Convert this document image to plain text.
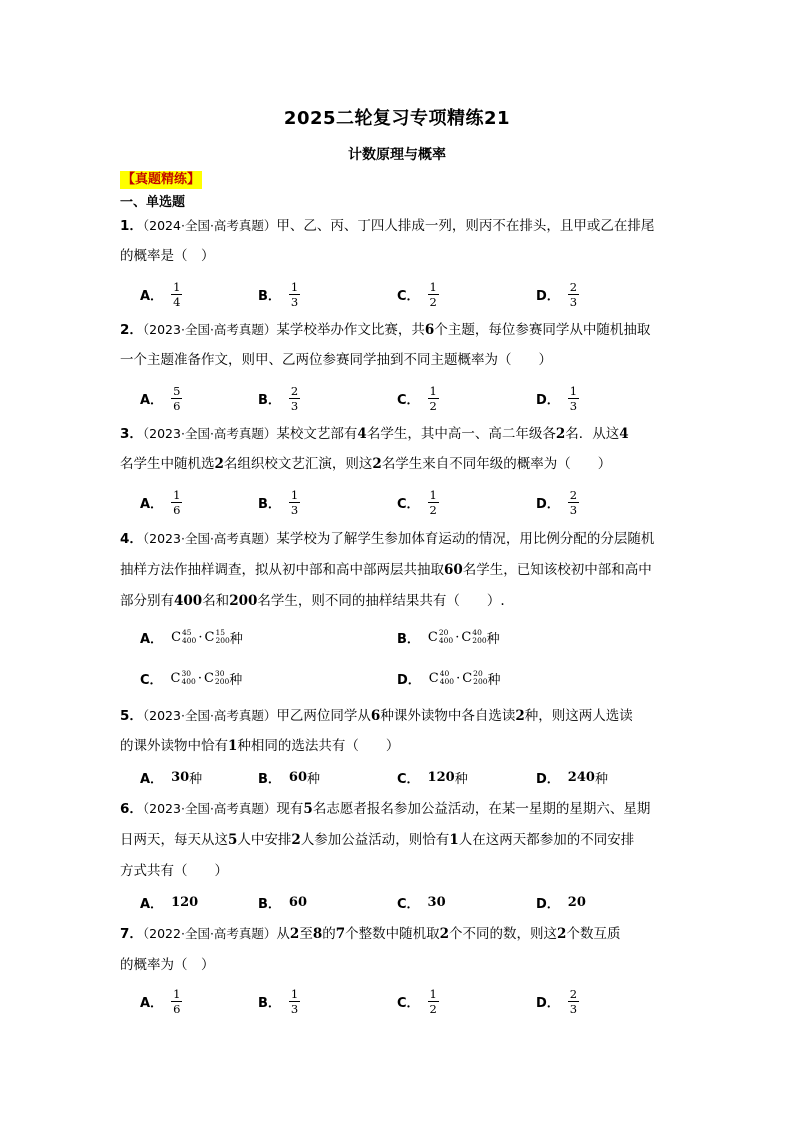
2025二轮复习专项精练21
计数原理与概率
【真题精练】
一、单选题
1．（2024·全国·高考真题）甲、乙、丙、丁四人排成一列，则丙不在排头，且甲或乙在排尾
的概率是（　）
A． $\frac{1}{4}$	B． $\frac{1}{3}$	C． $\frac{1}{2}$	D． $\frac{2}{3}$
2．（2023·全国·高考真题）某学校举办作文比赛，共6个主题，每位参赛同学从中随机抽取
一个主题准备作文，则甲、乙两位参赛同学抽到不同主题概率为（　　）
A． $\frac{5}{6}$	B． $\frac{2}{3}$	C． $\frac{1}{2}$	D． $\frac{1}{3}$
3．（2023·全国·高考真题）某校文艺部有4名学生，其中高一、高二年级各2名．从这4
名学生中随机选2名组织校文艺汇演，则这2名学生来自不同年级的概率为（　　）
A． $\frac{1}{6}$	B． $\frac{1}{3}$	C． $\frac{1}{2}$	D． $\frac{2}{3}$
4．（2023·全国·高考真题）某学校为了解学生参加体育运动的情况，用比例分配的分层随机
抽样方法作抽样调查，拟从初中部和高中部两层共抽取60名学生，已知该校初中部和高中
部分别有400名和200名学生，则不同的抽样结果共有（　　）.
A． C 45
400 · C 15
200 种	B． C 20
400 · C 40
200 种
C． C 30
400 · C 30
200 种	D． C 40
400 · C 20
200 种
5．（2023·全国·高考真题）甲乙两位同学从6种课外读物中各自选读2种，则这两人选读
的课外读物中恰有1种相同的选法共有（　　）
A． 30 种	B． 60 种	C． 120 种	D． 240 种
6．（2023·全国·高考真题）现有5名志愿者报名参加公益活动，在某一星期的星期六、星期
日两天，每天从这5人中安排2人参加公益活动，则恰有1人在这两天都参加的不同安排
方式共有（　　）
A． 120	B． 60	C． 30	D． 20
7．（2022·全国·高考真题）从2至8的7个整数中随机取2个不同的数，则这2个数互质
的概率为（　）
A． $\frac{1}{6}$	B． $\frac{1}{3}$	C． $\frac{1}{2}$	D． $\frac{2}{3}$
